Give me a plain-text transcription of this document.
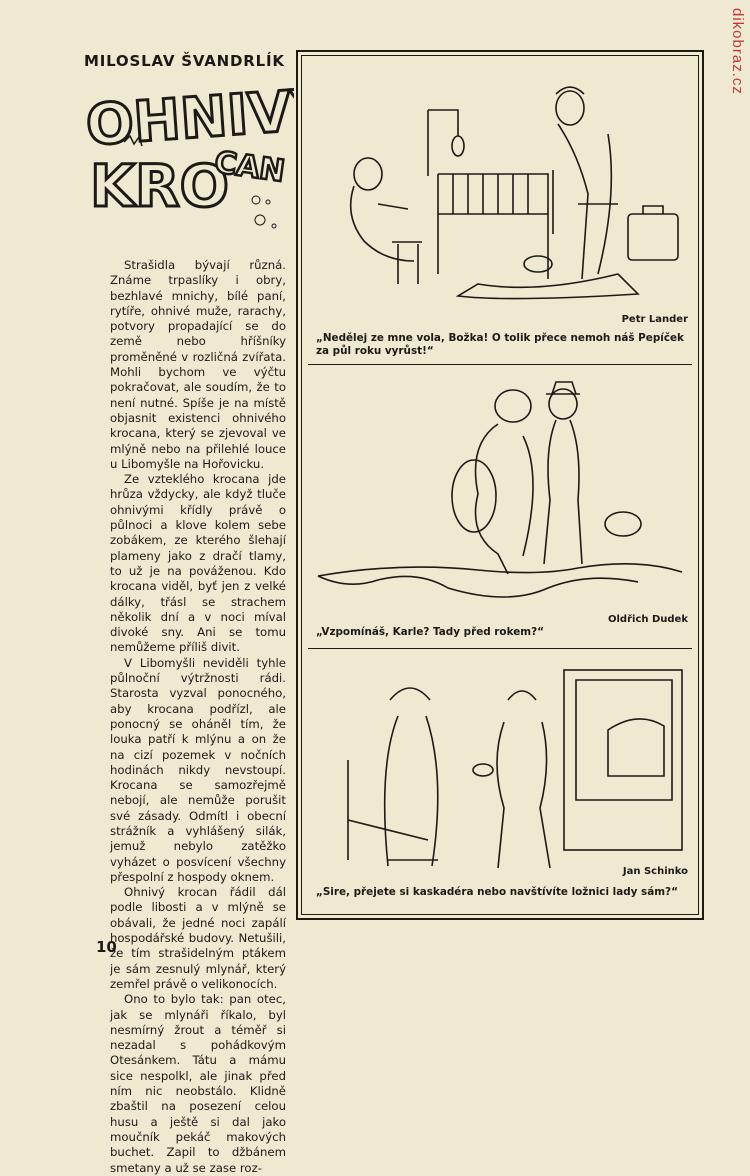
dikobraz.cz
MILOSLAV ŠVANDRLÍK
OHNIVÝ
KRO
CAN

Strašidla bývají různá. Známe trpaslíky i obry, bezhlavé mnichy, bílé paní, rytíře, ohnivé muže, rarachy, potvory propadající se do země nebo hříšníky proměněné v rozličná zvířata. Mohli bychom ve výčtu pokračovat, ale soudím, že to není nutné. Spíše je na místě objasnit existenci ohnivého krocana, který se zjevoval ve mlýně nebo na přilehlé louce u Libomyšle na Hořovicku.

Ze vzteklého krocana jde hrůza vždycky, ale když tluče ohnivými křídly právě o půlnoci a klove kolem sebe zobákem, ze kterého šlehají plameny jako z dračí tlamy, to už je na pováženou. Kdo krocana viděl, byť jen z velké dálky, třásl se strachem několik dní a v noci míval divoké sny. Ani se tomu nemůžeme příliš divit.

V Libomyšli neviděli tyhle půlnoční výtržnosti rádi. Starosta vyzval ponocného, aby krocana podřízl, ale ponocný se oháněl tím, že louka patří k mlýnu a on že na cizí pozemek v nočních hodinách nikdy nevstoupí. Krocana se samozřejmě nebojí, ale nemůže porušit své zásady. Odmítl i obecní strážník a vyhlášený silák, jemuž nebylo zatěžko vyházet o posvícení všechny přespolní z hospody oknem.

Ohnivý krocan řádil dál podle libosti a v mlýně se obávali, že jedné noci zapálí hospodářské budovy. Netušili, že tím strašidelným ptákem je sám zesnulý mlynář, který zemřel právě o velikonocích.

Ono to bylo tak: pan otec, jak se mlynáři říkalo, byl nesmírný žrout a téměř si nezadal s pohádkovým Otesánkem. Tátu a mámu sice nespolkl, ale jinak před ním nic neobstálo. Klidně zbaštil na posezení celou husu a ještě si dal jako moučník pekáč makových buchet. Zapil to džbánem smetany a už se zase roz-

10
Petr Lander
„Nedělej ze mne vola, Božka! O tolik přece nemoh náš Pepíček za půl roku vyrůst!“
Oldřich Dudek
„Vzpomínáš, Karle? Tady před rokem?“
Jan Schinko
„Sire, přejete si kaskadéra nebo navštívíte ložnici lady sám?“
